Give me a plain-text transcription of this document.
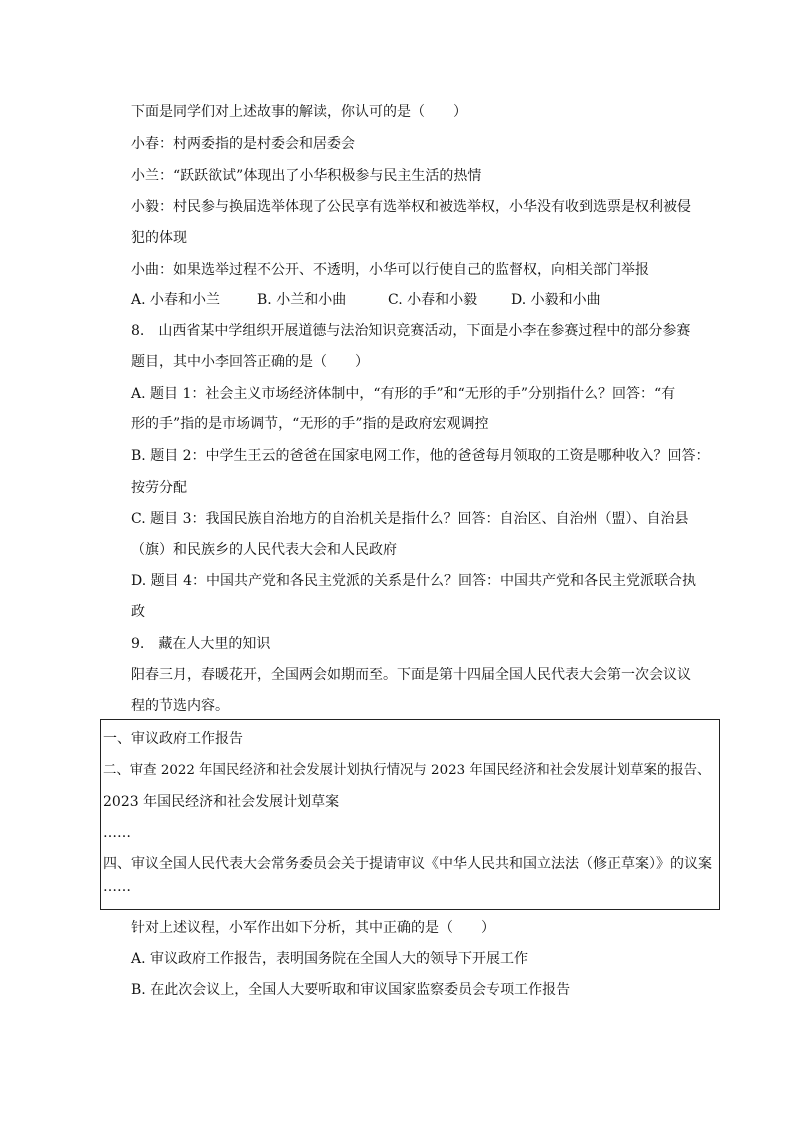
下面是同学们对上述故事的解读，你认可的是（　　）
小春：村两委指的是村委会和居委会
小兰：“跃跃欲试”体现出了小华积极参与民主生活的热情
小毅：村民参与换届选举体现了公民享有选举权和被选举权，小华没有收到选票是权利被侵
犯的体现
小曲：如果选举过程不公开、不透明，小华可以行使自己的监督权，向相关部门举报
A. 小春和小兰	B. 小兰和小曲	C. 小春和小毅 D. 小毅和小曲
8.　山西省某中学组织开展道德与法治知识竞赛活动，下面是小李在参赛过程中的部分参赛
题目，其中小李回答正确的是（　　）
A. 题目 1：社会主义市场经济体制中，“有形的手”和“无形的手”分别指什么？回答：“有
形的手”指的是市场调节，“无形的手”指的是政府宏观调控
B. 题目 2：中学生王云的爸爸在国家电网工作，他的爸爸每月领取的工资是哪种收入？回答：
按劳分配
C. 题目 3：我国民族自治地方的自治机关是指什么？回答：自治区、自治州（盟）、自治县
（旗）和民族乡的人民代表大会和人民政府
D. 题目 4：中国共产党和各民主党派的关系是什么？回答：中国共产党和各民主党派联合执
政
9.　藏在人大里的知识
阳春三月，春暖花开，全国两会如期而至。下面是第十四届全国人民代表大会第一次会议议
程的节选内容。
一、审议政府工作报告
二、审查 2022 年国民经济和社会发展计划执行情况与 2023 年国民经济和社会发展计划草案的报告、
2023 年国民经济和社会发展计划草案
……
四、审议全国人民代表大会常务委员会关于提请审议《中华人民共和国立法法（修正草案）》的议案
……
针对上述议程，小军作出如下分析，其中正确的是（　　）
A. 审议政府工作报告，表明国务院在全国人大的领导下开展工作
B. 在此次会议上，全国人大要听取和审议国家监察委员会专项工作报告
